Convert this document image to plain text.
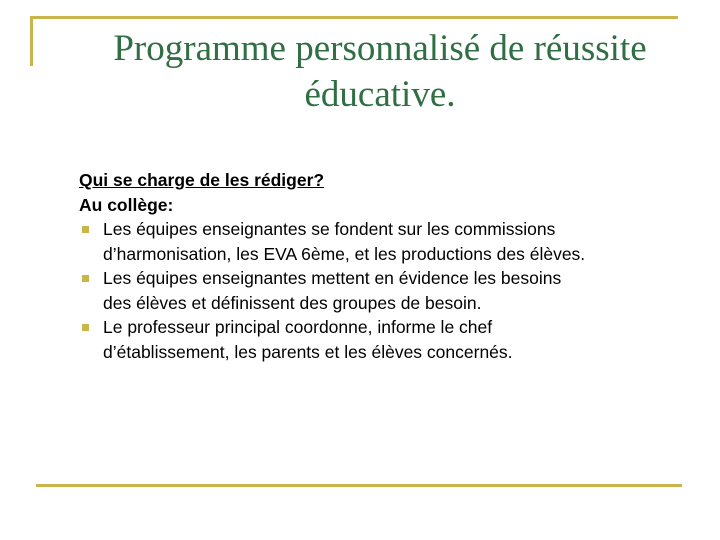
Programme personnalisé de réussite
éducative.

Qui se charge de les rédiger?

Au collège:

Les équipes enseignantes se fondent sur les commissions
d’harmonisation, les EVA 6ème, et les productions des élèves.
Les équipes enseignantes mettent en évidence les besoins
des élèves et définissent des groupes de besoin.
Le professeur principal coordonne, informe le chef
d’établissement, les parents et les élèves concernés.
